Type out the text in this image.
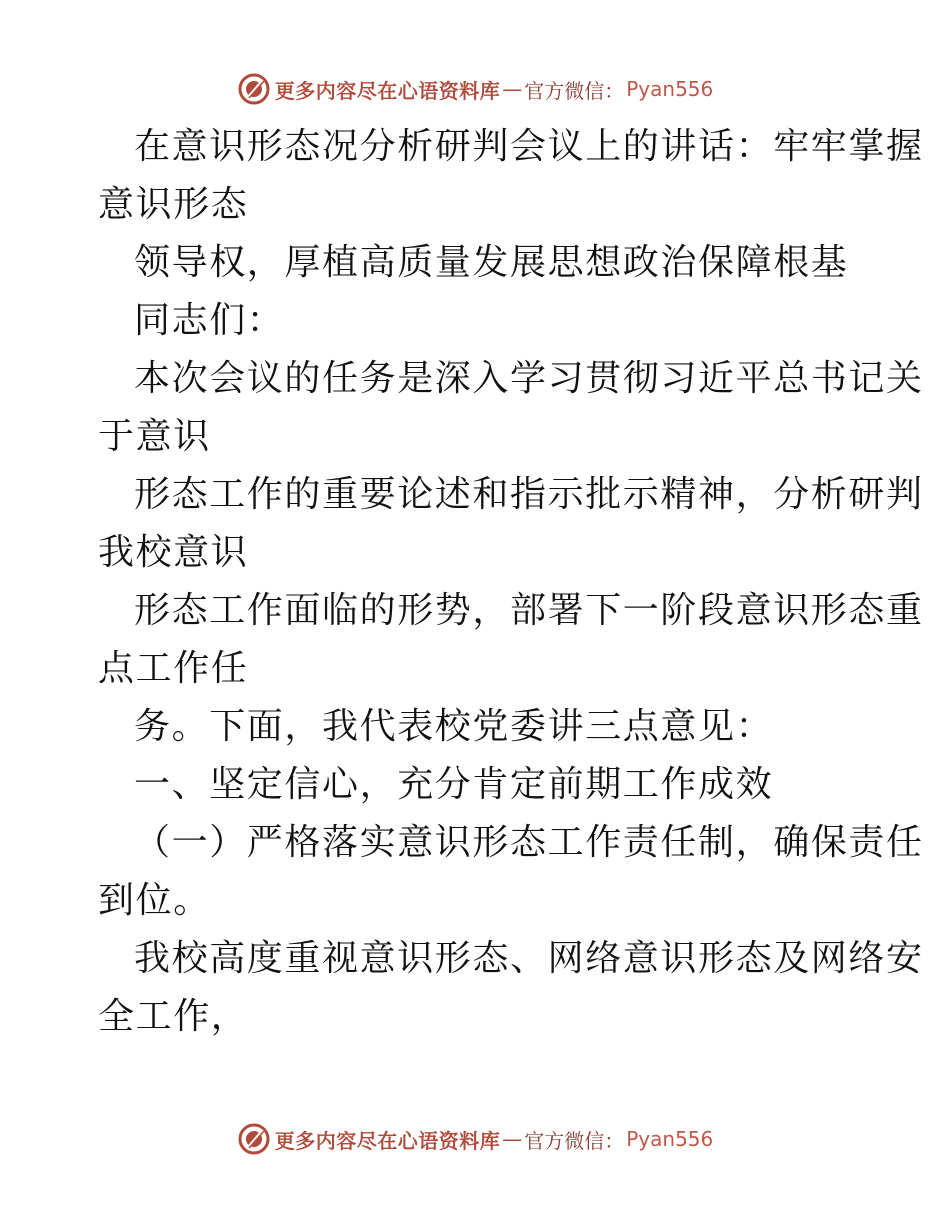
更多内容尽在心语资料库 — 官方微信： Pyan556
在意识形态况分析研判会议上的讲话：牢牢掌握
意识形态
领导权，厚植高质量发展思想政治保障根基
同志们：
本次会议的任务是深入学习贯彻习近平总书记关
于意识
形态工作的重要论述和指示批示精神，分析研判
我校意识
形态工作面临的形势，部署下一阶段意识形态重
点工作任
务。下面，我代表校党委讲三点意见：
一、坚定信心，充分肯定前期工作成效
（一）严格落实意识形态工作责任制，确保责任
到位。
我校高度重视意识形态、网络意识形态及网络安
全工作，
更多内容尽在心语资料库 — 官方微信： Pyan556
